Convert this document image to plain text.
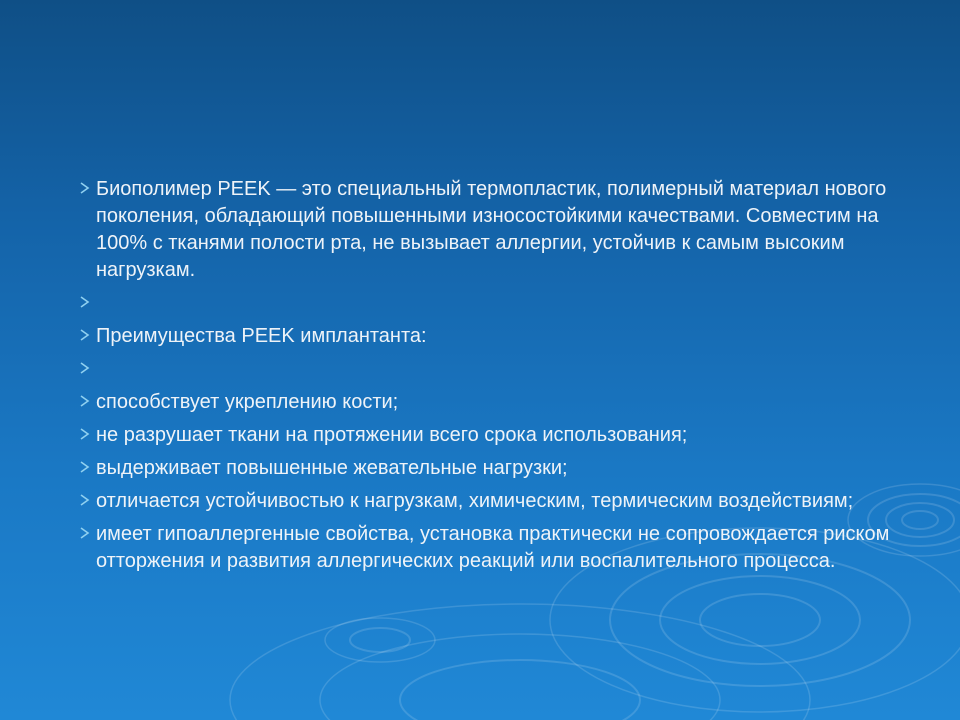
Биополимер PEEK — это специальный термопластик, полимерный материал нового поколения, обладающий повышенными износостойкими качествами. Совместим на 100% с тканями полости рта, не вызывает аллергии, устойчив к самым высоким нагрузкам.
Преимущества PEEK имплантанта:
способствует укреплению кости;
не разрушает ткани на протяжении всего срока использования;
выдерживает повышенные жевательные нагрузки;
отличается устойчивостью к нагрузкам, химическим, термическим воздействиям;
имеет гипоаллергенные свойства, установка практически не сопровождается риском отторжения и развития аллергических реакций или воспалительного процесса.
